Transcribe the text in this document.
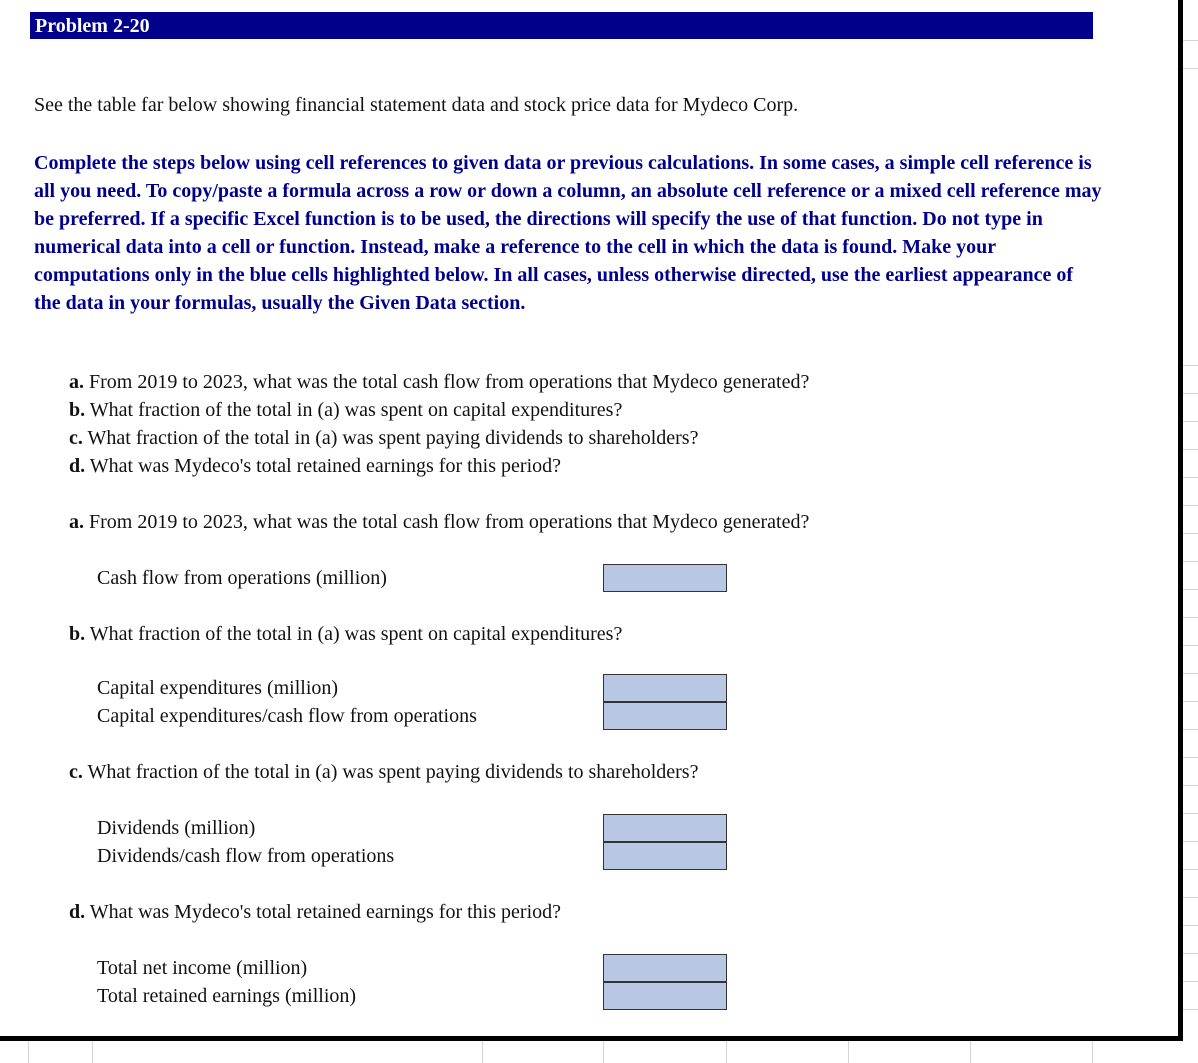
Problem 2-20
See the table far below showing financial statement data and stock price data for Mydeco Corp.
Complete the steps below using cell references to given data or previous calculations. In some cases, a simple cell reference is all you need. To copy/paste a formula across a row or down a column, an absolute cell reference or a mixed cell reference may be preferred. If a specific Excel function is to be used, the directions will specify the use of that function. Do not type in numerical data into a cell or function. Instead, make a reference to the cell in which the data is found. Make your computations only in the blue cells highlighted below. In all cases, unless otherwise directed, use the earliest appearance of the data in your formulas, usually the Given Data section.
a. From 2019 to 2023, what was the total cash flow from operations that Mydeco generated?
b. What fraction of the total in (a) was spent on capital expenditures?
c. What fraction of the total in (a) was spent paying dividends to shareholders?
d. What was Mydeco's total retained earnings for this period?
a. From 2019 to 2023, what was the total cash flow from operations that Mydeco generated?
Cash flow from operations (million)
b. What fraction of the total in (a) was spent on capital expenditures?
Capital expenditures (million)
Capital expenditures/cash flow from operations
c. What fraction of the total in (a) was spent paying dividends to shareholders?
Dividends (million)
Dividends/cash flow from operations
d. What was Mydeco's total retained earnings for this period?
Total net income (million)
Total retained earnings (million)
